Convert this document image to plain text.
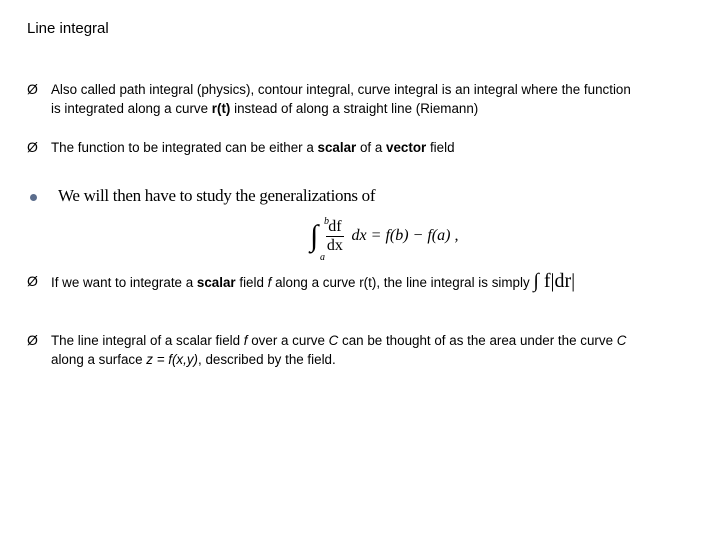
Line integral
Ø Also called path integral (physics), contour integral, curve integral is an integral where the function
is integrated along a curve r(t) instead of along a straight line (Riemann)
Ø The function to be integrated can be either a scalar of a vector field
We will then have to study the generalizations of
∫ b
a
$\frac{df}{dx}$ dx = f(b) − f(a) ,
Ø If we want to integrate a scalar field f along a curve r(t), the line integral is simply ∫ f|dr|
Ø The line integral of a scalar field f over a curve C can be thought of as the area under the curve C
along a surface z = f(x,y), described by the field.
